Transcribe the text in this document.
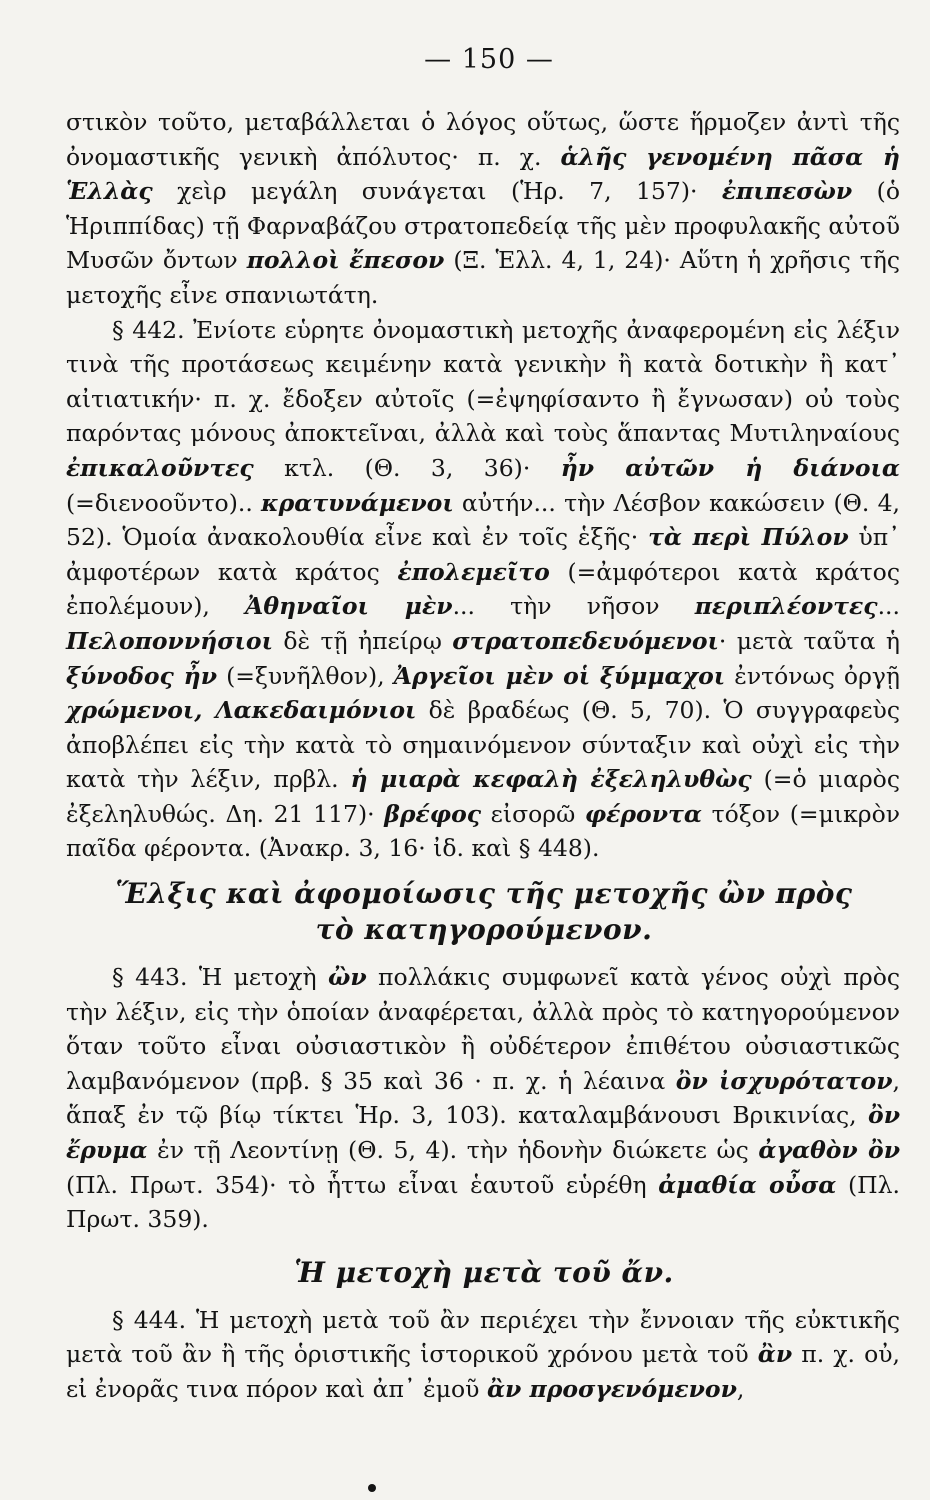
— 150 —

στικὸν τοῦτο, μεταβάλλεται ὁ λόγος οὕτως, ὥστε ἥρμοζεν ἀντὶ τῆς ὀνομαστικῆς γενικὴ ἀπόλυτος· π. χ. ἁλῆς γενομένη πᾶσα ἡ Ἑλλὰς χεὶρ μεγάλη συνάγεται (Ἡρ. 7, 157)· ἐπιπεσὼν (ὁ Ἡριππίδας) τῇ Φαρναβάζου στρατοπεδείᾳ τῆς μὲν προφυλακῆς αὐτοῦ Μυσῶν ὄντων πολλοὶ ἔπεσον (Ξ. Ἑλλ. 4, 1, 24)· Αὕτη ἡ χρῆσις τῆς μετοχῆς εἶνε σπανιωτάτη.

§ 442. Ἐνίοτε εὑρητε ὀνομαστικὴ μετοχῆς ἀναφερομένη εἰς λέξιν τινὰ τῆς προτάσεως κειμένην κατὰ γενικὴν ἢ κατὰ δοτικὴν ἢ κατ᾽ αἰτιατικήν· π. χ. ἔδοξεν αὐτοῖς (=ἐψηφίσαντο ἢ ἔγνωσαν) οὐ τοὺς παρόντας μόνους ἀποκτεῖναι, ἀλλὰ καὶ τοὺς ἅπαντας Μυτιληναίους ἐπικαλοῦντες κτλ. (Θ. 3, 36)· ἦν αὐτῶν ἡ διάνοια (=διενοοῦντο).. κρατυνάμενοι αὐτήν... τὴν Λέσβον κακώσειν (Θ. 4, 52). Ὁμοία ἀνακολουθία εἶνε καὶ ἐν τοῖς ἑξῆς· τὰ περὶ Πύλον ὑπ᾽ ἀμφοτέρων κατὰ κράτος ἐπολεμεῖτο (=ἀμφότεροι κατὰ κράτος ἐπολέμουν), Ἀθηναῖοι μὲν... τὴν νῆσον περιπλέοντες... Πελοποννήσιοι δὲ τῇ ἠπείρῳ στρατοπεδευόμενοι· μετὰ ταῦτα ἡ ξύνοδος ἦν (=ξυνῆλθον), Ἀργεῖοι μὲν οἱ ξύμμαχοι ἐντόνως ὀργῇ χρώμενοι, Λακεδαιμόνιοι δὲ βραδέως (Θ. 5, 70). Ὁ συγγραφεὺς ἀποβλέπει εἰς τὴν κατὰ τὸ σημαινόμενον σύνταξιν καὶ οὐχὶ εἰς τὴν κατὰ τὴν λέξιν, πρβλ. ἡ μιαρὰ κεφαλὴ ἐξεληλυθὼς (=ὁ μιαρὸς ἐξεληλυθώς. Δη. 21 117)· βρέφος εἰσορῶ φέροντα τόξον (=μικρὸν παῖδα φέροντα. (Ἀνακρ. 3, 16· ἰδ. καὶ § 448).

Ἕλξις καὶ ἀφομοίωσις τῆς μετοχῆς ὢν πρὸς
τὸ κατηγορούμενον.

§ 443. Ἡ μετοχὴ ὢν πολλάκις συμφωνεῖ κατὰ γένος οὐχὶ πρὸς τὴν λέξιν, εἰς τὴν ὁποίαν ἀναφέρεται, ἀλλὰ πρὸς τὸ κατηγορούμενον ὅταν τοῦτο εἶναι οὐσιαστικὸν ἢ οὐδέτερον ἐπιθέτου οὐσιαστικῶς λαμβανόμενον (πρβ. § 35 καὶ 36 · π. χ. ἡ λέαινα ὂν ἰσχυρότατον, ἅπαξ ἐν τῷ βίῳ τίκτει Ἡρ. 3, 103). καταλαμβάνουσι Βρικινίας, ὂν ἔρυμα ἐν τῇ Λεοντίνῃ (Θ. 5, 4). τὴν ἡδονὴν διώκετε ὡς ἀγαθὸν ὂν (Πλ. Πρωτ. 354)· τὸ ἧττω εἶναι ἑαυτοῦ εὑρέθη ἀμαθία οὖσα (Πλ. Πρωτ. 359).

Ἡ μετοχὴ μετὰ τοῦ ἄν.

§ 444. Ἡ μετοχὴ μετὰ τοῦ ἂν περιέχει τὴν ἔννοιαν τῆς εὐκτικῆς μετὰ τοῦ ἂν ἢ τῆς ὁριστικῆς ἱστορικοῦ χρόνου μετὰ τοῦ ἂν π. χ. οὐ, εἰ ἐνορᾶς τινα πόρον καὶ ἀπ᾽ ἐμοῦ ἂν προσγενόμενον,
